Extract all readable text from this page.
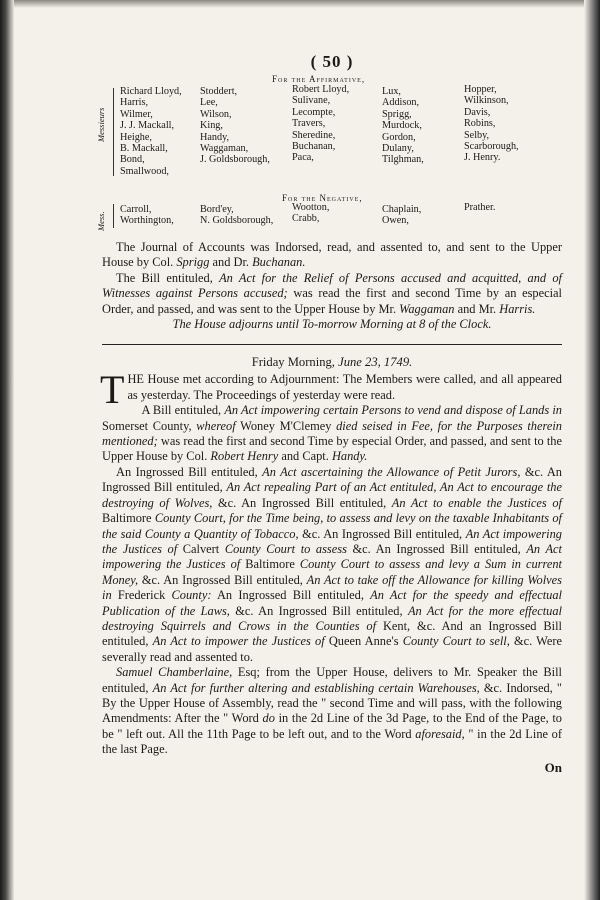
( 50 )
For the Affirmative,
Messieurs
Richard Lloyd,
Harris,
Wilmer,
J. J. Mackall,
Heighe,
B. Mackall,
Bond,
Smallwood,
Stoddert,
Lee,
Wilson,
King,
Handy,
Waggaman,
J. Goldsborough,
Robert Lloyd,
Sulivane,
Lecompte,
Travers,
Sheredine,
Buchanan,
Paca,
Lux,
Addison,
Sprigg,
Murdock,
Gordon,
Dulany,
Tilghman,
Hopper,
Wilkinson,
Davis,
Robins,
Selby,
Scarborough,
J. Henry.
For the Negative,
Mess.
Carroll,
Worthington,
Bord'ey,
N. Goldsborough,
Wootton,
Crabb,
Chaplain,
Owen,
Prather.

The Journal of Accounts was Indorsed, read, and assented to, and sent to the Upper House by Col. Sprigg and Dr. Buchanan.

The Bill entituled, An Act for the Relief of Persons accused and acquitted, and of Witnesses against Persons accused; was read the first and second Time by an especial Order, and passed, and was sent to the Upper House by Mr. Waggaman and Mr. Harris.

The House adjourns until To-morrow Morning at 8 of the Clock.

Friday Morning, June 23, 1749.

THE House met according to Adjournment: The Members were called, and all appeared as yesterday. The Proceedings of yesterday were read.

A Bill entituled, An Act impowering certain Persons to vend and dispose of Lands in Somerset County, whereof Woney M'Clemey died seised in Fee, for the Purposes therein mentioned; was read the first and second Time by especial Order, and passed, and sent to the Upper House by Col. Robert Henry and Capt. Handy.

An Ingrossed Bill entituled, An Act ascertaining the Allowance of Petit Jurors, &c. An Ingrossed Bill entituled, An Act repealing Part of an Act entituled, An Act to encourage the destroying of Wolves, &c. An Ingrossed Bill entituled, An Act to enable the Justices of Baltimore County Court, for the Time being, to assess and levy on the taxable Inhabitants of the said County a Quantity of Tobacco, &c. An Ingrossed Bill entituled, An Act impowering the Justices of Calvert County Court to assess &c. An Ingrossed Bill entituled, An Act impowering the Justices of Baltimore County Court to assess and levy a Sum in current Money, &c. An Ingrossed Bill entituled, An Act to take off the Allowance for killing Wolves in Frederick County: An Ingrossed Bill entituled, An Act for the speedy and effectual Publication of the Laws, &c. An Ingrossed Bill entituled, An Act for the more effectual destroying Squirrels and Crows in the Counties of Kent, &c. And an Ingrossed Bill entituled, An Act to impower the Justices of Queen Anne's County Court to sell, &c. Were severally read and assented to.

Samuel Chamberlaine, Esq; from the Upper House, delivers to Mr. Speaker the Bill entituled, An Act for further altering and establishing certain Warehouses, &c. Indorsed, " By the Upper House of Assembly, read the " second Time and will pass, with the following Amendments: After the " Word do in the 2d Line of the 3d Page, to the End of the Page, to be " left out. All the 11th Page to be left out, and to the Word aforesaid, " in the 2d Line of the last Page.

On
